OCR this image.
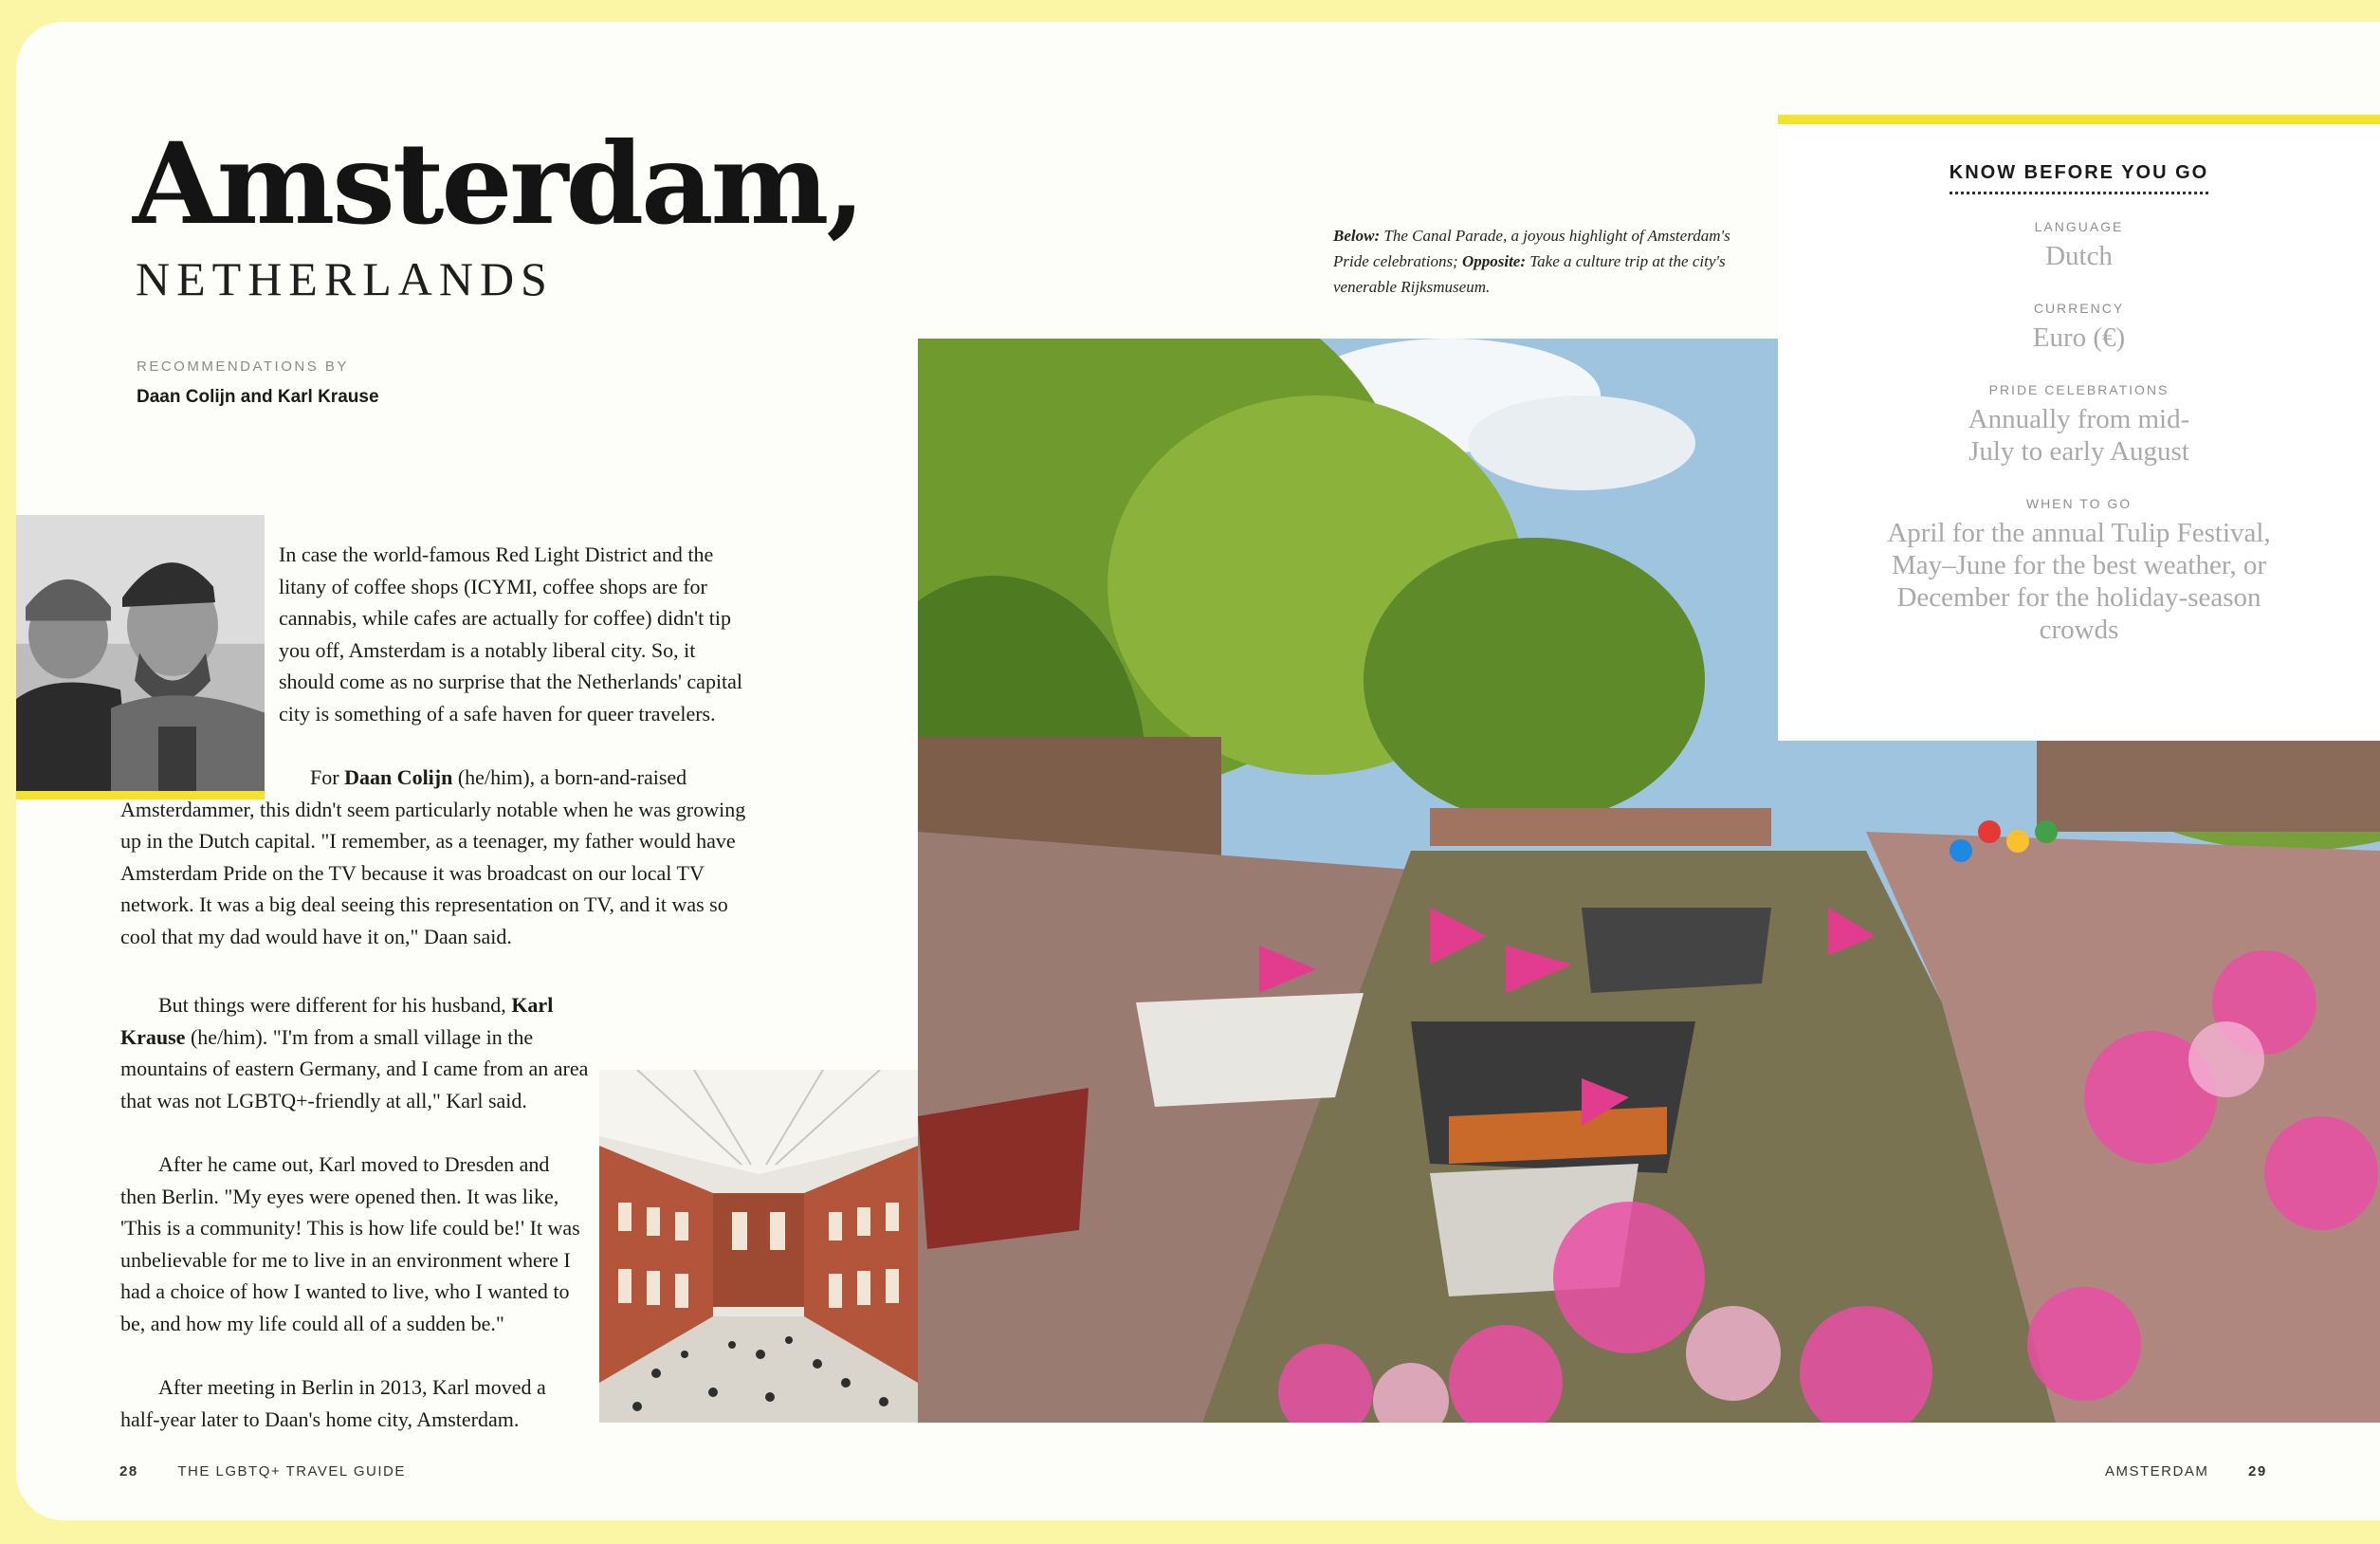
Amsterdam,
NETHERLANDS
RECOMMENDATIONS BY
Daan Colijn and Karl Krause

In case the world-famous Red Light District and the litany of coffee shops (ICYMI, coffee shops are for cannabis, while cafes are actually for coffee) didn't tip you off, Amsterdam is a notably liberal city. So, it should come as no surprise that the Netherlands' capital city is something of a safe haven for queer travelers.

For Daan Colijn (he/him), a born-and-raised Amsterdammer, this didn't seem particularly notable when he was growing up in the Dutch capital. "I remember, as a teenager, my father would have Amsterdam Pride on the TV because it was broadcast on our local TV network. It was a big deal seeing this representation on TV, and it was so cool that my dad would have it on," Daan said.

But things were different for his husband, Karl Krause (he/him). "I'm from a small village in the mountains of eastern Germany, and I came from an area that was not LGBTQ+-friendly at all," Karl said.

After he came out, Karl moved to Dresden and then Berlin. "My eyes were opened then. It was like, 'This is a community! This is how life could be!' It was unbelievable for me to live in an environment where I had a choice of how I wanted to live, who I wanted to be, and how my life could all of a sudden be."

After meeting in Berlin in 2013, Karl moved a half-year later to Daan's home city, Amsterdam.

Below: The Canal Parade, a joyous highlight of Amsterdam's Pride celebrations; Opposite: Take a culture trip at the city's venerable Rijksmuseum.
KNOW BEFORE YOU GO
LANGUAGE
Dutch
CURRENCY
Euro (€)
PRIDE CELEBRATIONS
Annually from mid-July to early August
WHEN TO GO
April for the annual Tulip Festival, May–June for the best weather, or December for the holiday-season crowds
28	THE LGBTQ+ TRAVEL GUIDE	AMSTERDAM	29
